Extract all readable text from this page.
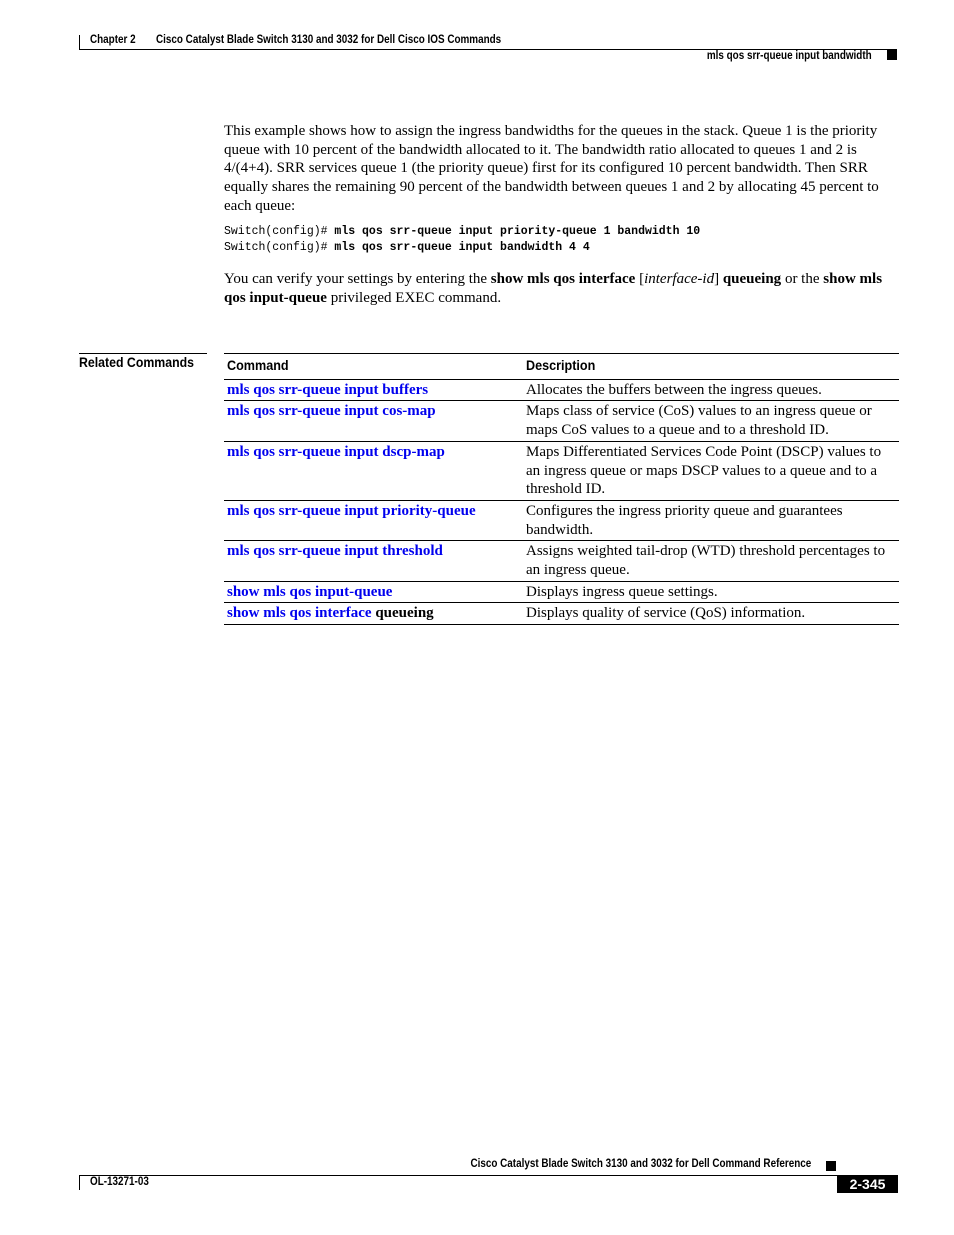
Chapter 2 Cisco Catalyst Blade Switch 3130 and 3032 for Dell Cisco IOS Commands
mls qos srr-queue input bandwidth
This example shows how to assign the ingress bandwidths for the queues in the stack. Queue 1 is the priority queue with 10 percent of the bandwidth allocated to it. The bandwidth ratio allocated to queues 1 and 2 is 4/(4+4). SRR services queue 1 (the priority queue) first for its configured 10 percent bandwidth. Then SRR equally shares the remaining 90 percent of the bandwidth between queues 1 and 2 by allocating 45 percent to each queue:
Switch(config)# mls qos srr-queue input priority-queue 1 bandwidth 10
Switch(config)# mls qos srr-queue input bandwidth 4 4
You can verify your settings by entering the show mls qos interface [interface-id] queueing or the show mls qos input-queue privileged EXEC command.
Related Commands Command	Description
mls qos srr-queue input buffers	Allocates the buffers between the ingress queues.
mls qos srr-queue input cos-map	Maps class of service (CoS) values to an ingress queue or maps CoS values to a queue and to a threshold ID.
mls qos srr-queue input dscp-map	Maps Differentiated Services Code Point (DSCP) values to an ingress queue or maps DSCP values to a queue and to a threshold ID.
mls qos srr-queue input priority-queue	Configures the ingress priority queue and guarantees bandwidth.
mls qos srr-queue input threshold	Assigns weighted tail-drop (WTD) threshold percentages to an ingress queue.
show mls qos input-queue	Displays ingress queue settings.
show mls qos interface queueing	Displays quality of service (QoS) information.
Cisco Catalyst Blade Switch 3130 and 3032 for Dell Command Reference
OL-13271-03	2-345
